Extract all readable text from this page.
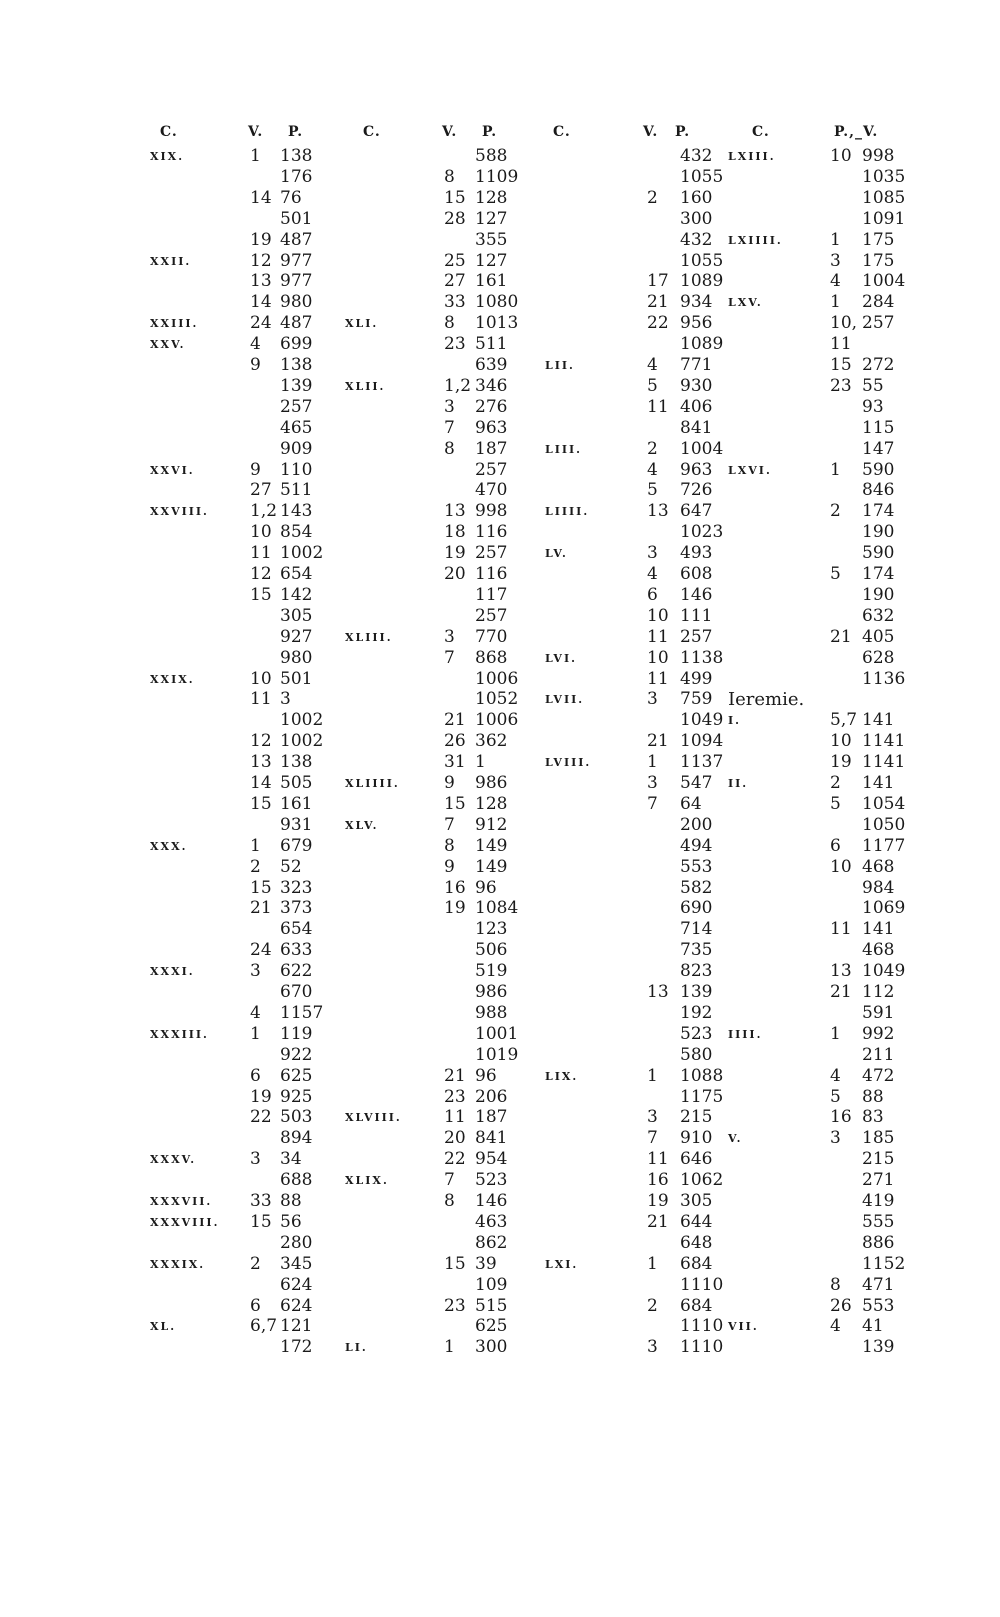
C.	V. P.	C.	V. P.	C.	V. P.	C.	P.,_V.
XIX.	1 138
176
14 76
501
19 487
XXII.	12 977
13 977
14 980
XXIII.	24 487
XXV.	4 699
9 138
139
257
465
909
XXVI.	9 110
27 511
XXVIII. 1,2 143
10 854
11 1002
12 654
15 142
305
927
980
XXIX.	10 501
11 3
1002
12 1002
13 138
14 505
15 161
931
XXX.	1 679
2 52
15 323
21 373
654
24 633
XXXI.	3 622
670
4 1157
XXXIII. 1 119
922
6 625
19 925
22 503
894
XXXV.	3 34
688
XXXVII. 33 88
XXXVIII. 15 56
280
XXXIX.	2 345
624
6 624
XL.	6,7 121
172
588
8 1109
15 128
28 127
355
25 127
27 161
33 1080
XLI.	8 1013
23 511
639
XLII.	1,2 346
3 276
7 963
8 187
257
470
13 998
18 116
19 257
20 116
117
257
XLIII.	3 770
7 868
1006
1052
21 1006
26 362
31 1
XLIIII.	9 986
15 128
XLV.	7 912
8 149
9 149
16 96
19 1084
123
506
519
986
988
1001
1019
21 96
23 206
XLVIII. 11 187
20 841
22 954
XLIX.	7 523
8 146
463
862
15 39
109
23 515
625
LI.	1 300
432
1055
2 160
300
432
1055
17 1089
21 934
22 956
1089
LII.	4 771
5 930
11 406
841
LIII.	2 1004
4 963
5 726
LIIII.	13 647
1023
LV.	3 493
4 608
6 146
10 111
11 257
LVI.	10 1138
11 499
LVII.	3 759
1049
21 1094
LVIII.	1 1137
3 547
7 64
200
494
553
582
690
714
735
823
13 139
192
523
580
LIX.	1 1088
1175
3 215
7 910
11 646
16 1062
19 305
21 644
648
LXI.	1 684
1110
2 684
1110
3 1110
LXIII.	10 998
1035
1085
1091
LXIIII.	1 175
3 175
4 1004
LXV.	1 284
10, 257
11
15 272
23 55
93
115
147
LXVI.	1 590
846
2 174
190
590
5 174
190
632
21 405
628
1136
Ieremie.
I.	5,7 141
10 1141
19 1141
II.	2 141
5 1054
1050
6 1177
10 468
984
1069
11 141
468
13 1049
21 112
591
IIII.	1 992
211
4 472
5 88
16 83
V.	3 185
215
271
419
555
886
1152
8 471
26 553
VII.	4 41
139
